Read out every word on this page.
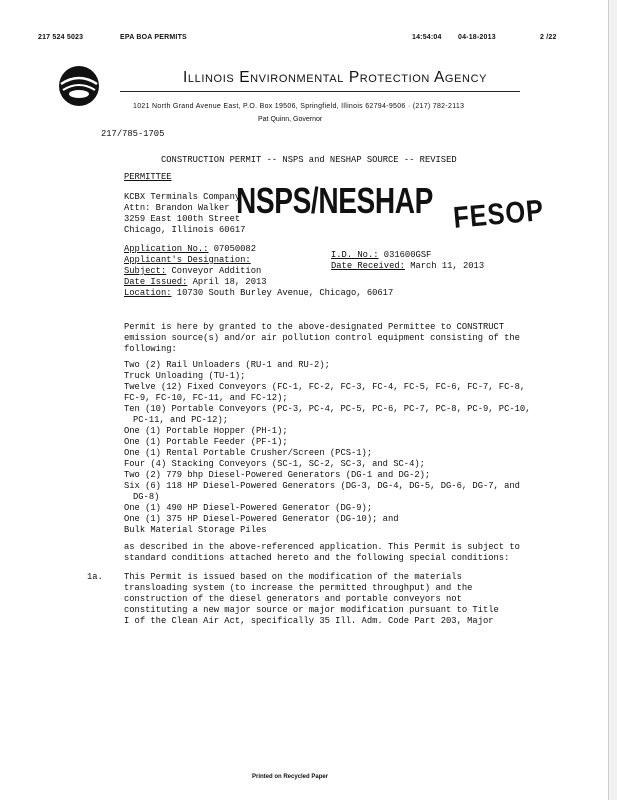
217 524 5023	EPA BOA PERMITS	14:54:04 04-18-2013	2 /22
Illinois Environmental Protection Agency
1021 North Grand Avenue East, P.O. Box 19506, Springfield, Illinois 62794-9506 · (217) 782-2113
Pat Quinn, Governor
217/785-1705
CONSTRUCTION PERMIT -- NSPS and NESHAP SOURCE -- REVISED
PERMITTEE
KCBX Terminals Company
Attn: Brandon Walker
3259 East 100th Street
Chicago, Illinois 60617
NSPS/NESHAP FESOP
Application No.: 07050082
Applicant's Designation:
Subject: Conveyor Addition
Date Issued: April 18, 2013
Location: 10730 South Burley Avenue, Chicago, 60617
I.D. No.: 031600GSF
Date Received: March 11, 2013
Permit is here by granted to the above-designated Permittee to CONSTRUCT
emission source(s) and/or air pollution control equipment consisting of the
following:
Two (2) Rail Unloaders (RU-1 and RU-2);
Truck Unloading (TU-1);
Twelve (12) Fixed Conveyors (FC-1, FC-2, FC-3, FC-4, FC-5, FC-6, FC-7, FC-8,
FC-9, FC-10, FC-11, and FC-12);
Ten (10) Portable Conveyors (PC-3, PC-4, PC-5, PC-6, PC-7, PC-8, PC-9, PC-10,
PC-11, and PC-12);
One (1) Portable Hopper (PH-1);
One (1) Portable Feeder (PF-1);
One (1) Rental Portable Crusher/Screen (PCS-1);
Four (4) Stacking Conveyors (SC-1, SC-2, SC-3, and SC-4);
Two (2) 779 bhp Diesel-Powered Generators (DG-1 and DG-2);
Six (6) 118 HP Diesel-Powered Generators (DG-3, DG-4, DG-5, DG-6, DG-7, and
DG-8)
One (1) 490 HP Diesel-Powered Generator (DG-9);
One (1) 375 HP Diesel-Powered Generator (DG-10); and
Bulk Material Storage Piles
as described in the above-referenced application. This Permit is subject to
standard conditions attached hereto and the following special conditions:
1a. This Permit is issued based on the modification of the materials
transloading system (to increase the permitted throughput) and the
construction of the diesel generators and portable conveyors not
constituting a new major source or major modification pursuant to Title
I of the Clean Air Act, specifically 35 Ill. Adm. Code Part 203, Major
Printed on Recycled Paper
